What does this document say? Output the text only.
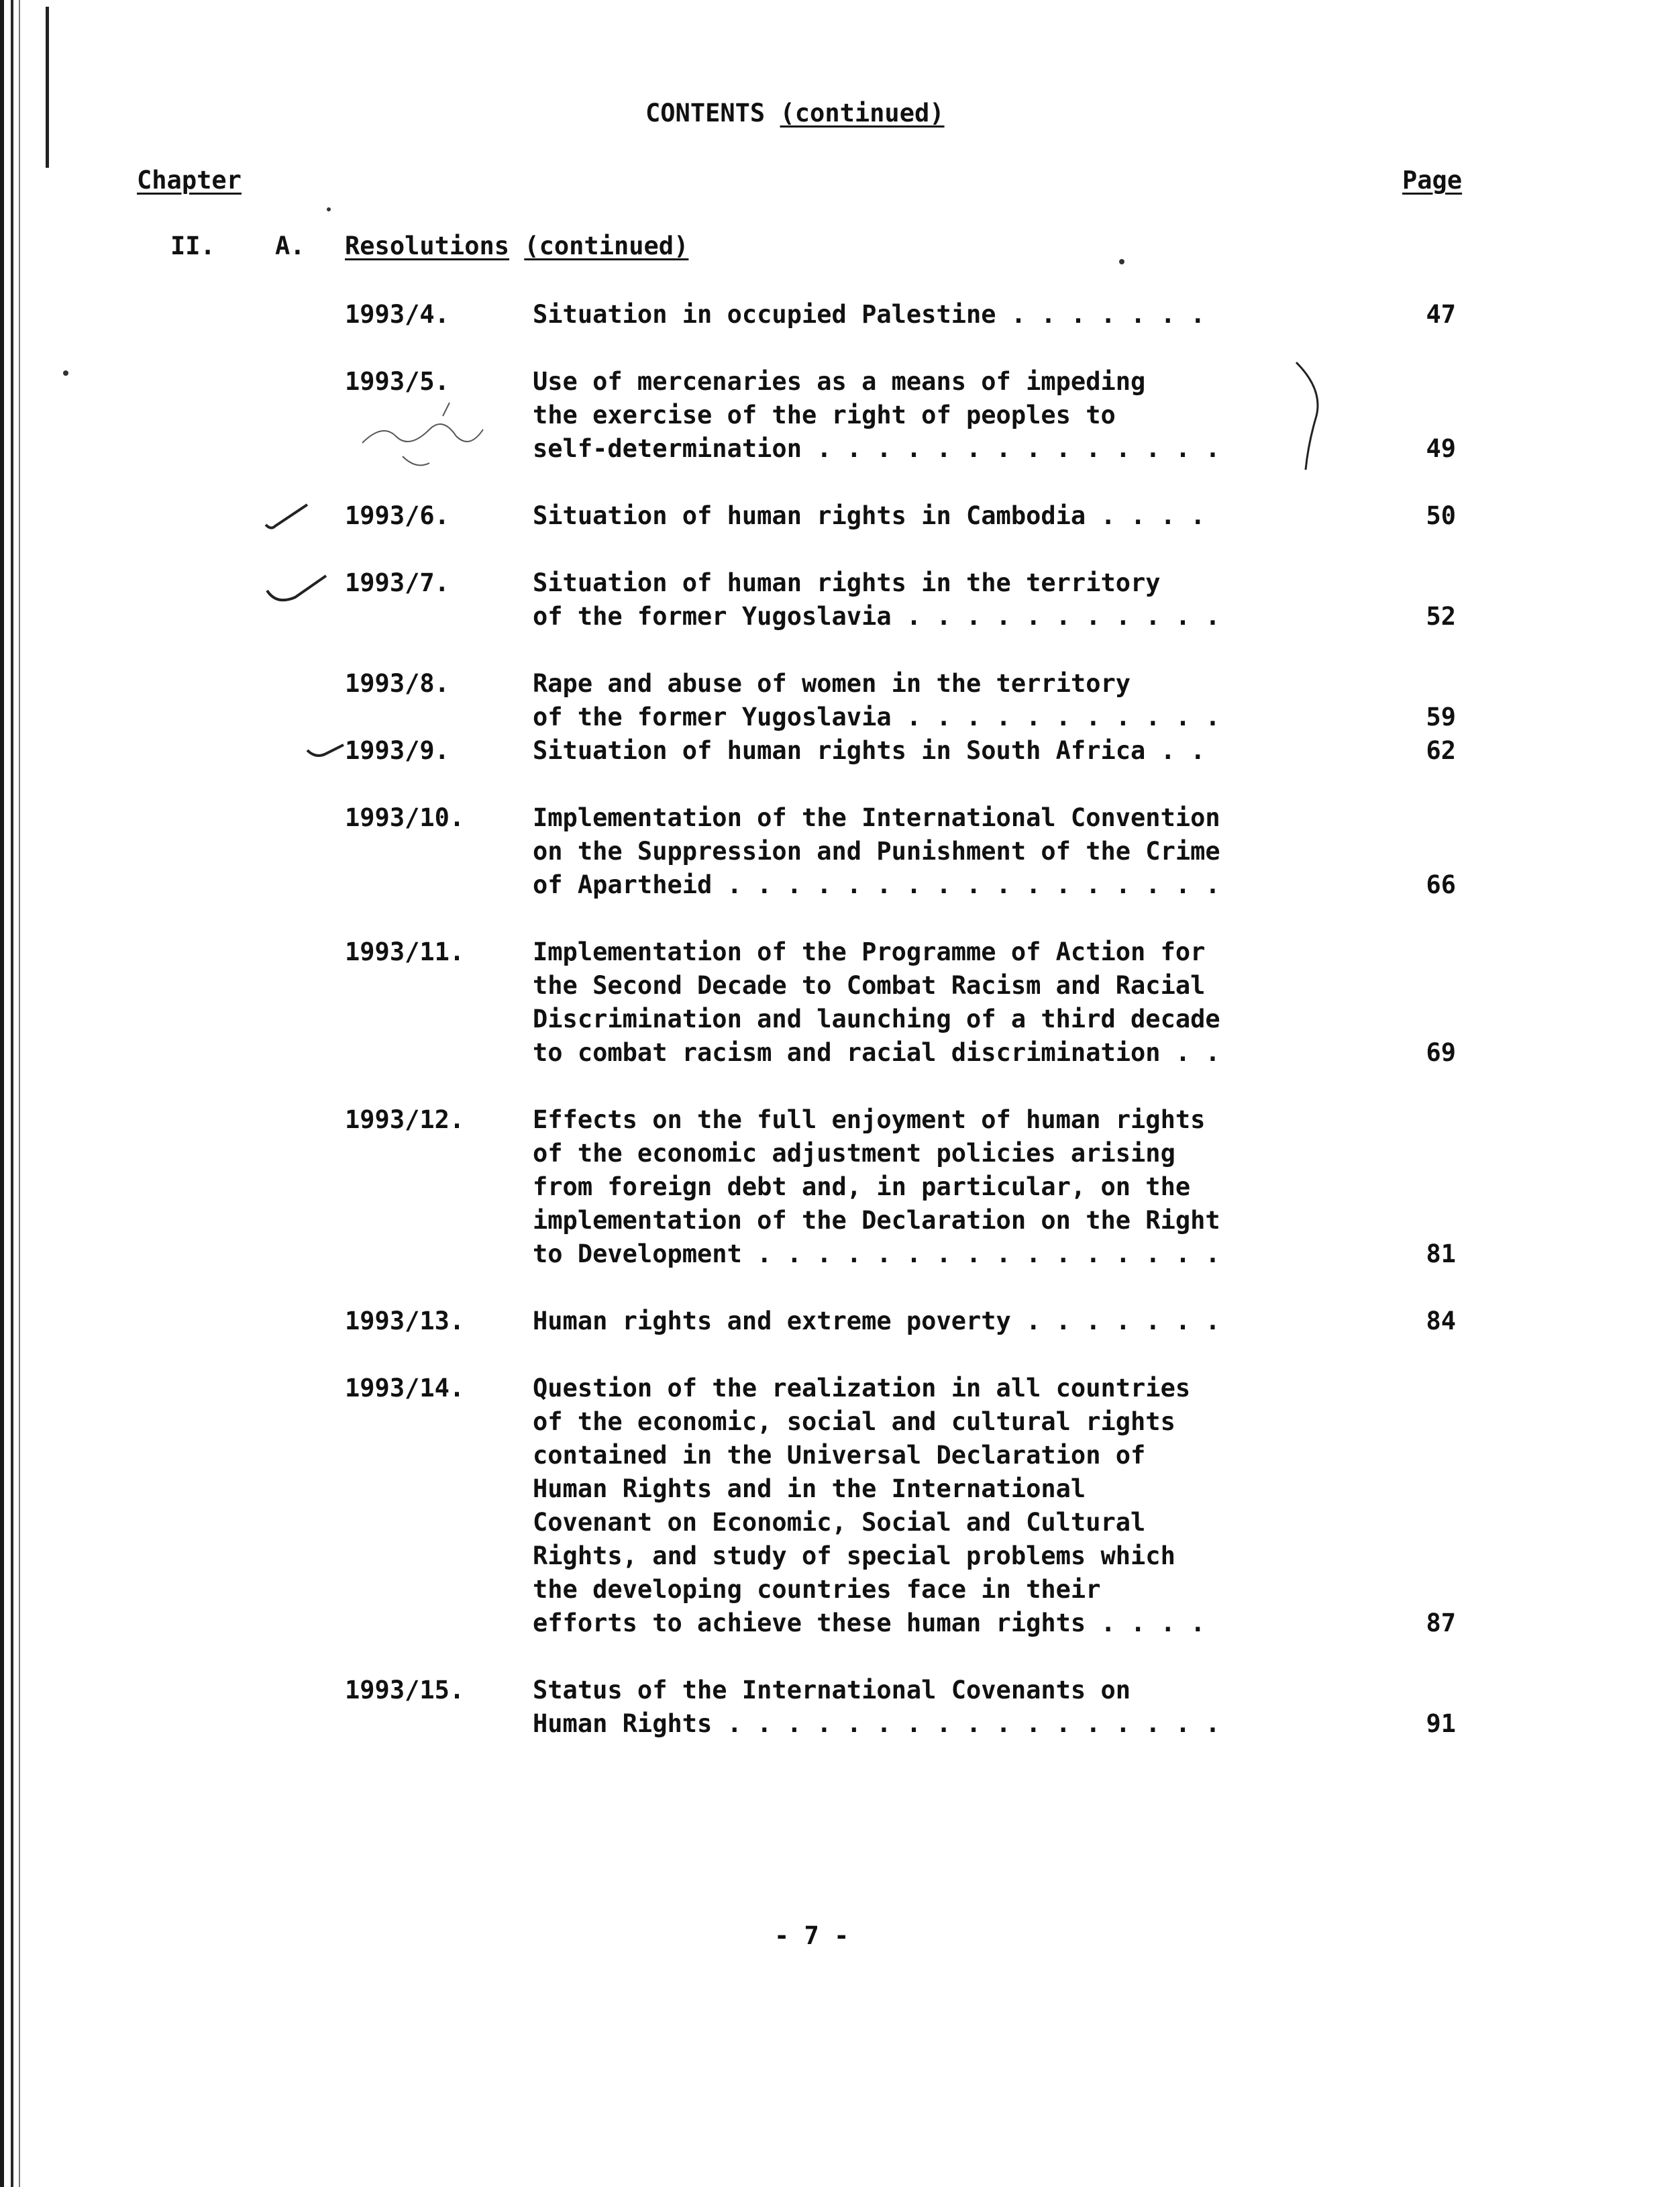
CONTENTS (continued)
Chapter	Page
II. A. Resolutions (continued)
1993/4.	Situation in occupied Palestine . . . . . . .	47
1993/5.	Use of mercenaries as a means of impeding
the exercise of the right of peoples to
self-determination . . . . . . . . . . . . . .	49
1993/6.	Situation of human rights in Cambodia . . . .	50
1993/7.	Situation of human rights in the territory
of the former Yugoslavia . . . . . . . . . . .	52
1993/8.	Rape and abuse of women in the territory
of the former Yugoslavia . . . . . . . . . . .	59
1993/9.	Situation of human rights in South Africa . .	62
1993/10.	Implementation of the International Convention
on the Suppression and Punishment of the Crime
of Apartheid . . . . . . . . . . . . . . . . .	66
1993/11.	Implementation of the Programme of Action for
the Second Decade to Combat Racism and Racial
Discrimination and launching of a third decade
to combat racism and racial discrimination . .	69
1993/12.	Effects on the full enjoyment of human rights
of the economic adjustment policies arising
from foreign debt and, in particular, on the
implementation of the Declaration on the Right
to Development . . . . . . . . . . . . . . . .	81
1993/13.	Human rights and extreme poverty . . . . . . .	84
1993/14.	Question of the realization in all countries
of the economic, social and cultural rights
contained in the Universal Declaration of
Human Rights and in the International
Covenant on Economic, Social and Cultural
Rights, and study of special problems which
the developing countries face in their
efforts to achieve these human rights . . . .	87
1993/15.	Status of the International Covenants on
Human Rights . . . . . . . . . . . . . . . . .	91
- 7 -
